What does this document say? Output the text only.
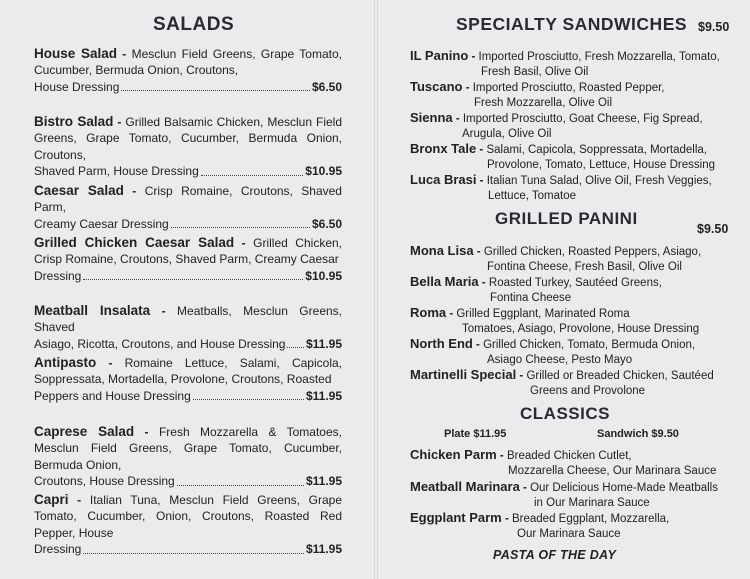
SALADS
House Salad - Mesclun Field Greens, Grape Tomato, Cucumber, Bermuda Onion, Croutons,
House Dressing	$6.50
Bistro Salad - Grilled Balsamic Chicken, Mesclun Field Greens, Grape Tomato, Cucumber, Bermuda Onion, Croutons,
Shaved Parm, House Dressing	$10.95
Caesar Salad - Crisp Romaine, Croutons, Shaved Parm,
Creamy Caesar Dressing	$6.50
Grilled Chicken Caesar Salad - Grilled Chicken, Crisp Romaine, Croutons, Shaved Parm, Creamy Caesar
Dressing	$10.95
Meatball Insalata - Meatballs, Mesclun Greens, Shaved
Asiago, Ricotta, Croutons, and House Dressing $11.95
Antipasto - Romaine Lettuce, Salami, Capicola, Soppressata, Mortadella, Provolone, Croutons, Roasted
Peppers and House Dressing	$11.95
Caprese Salad - Fresh Mozzarella & Tomatoes, Mesclun Field Greens, Grape Tomato, Cucumber, Bermuda Onion,
Croutons, House Dressing	$11.95
Capri - Italian Tuna, Mesclun Field Greens, Grape Tomato, Cucumber, Onion, Croutons, Roasted Red Pepper, House
Dressing	$11.95
SPECIALTY SANDWICHES $9.50
IL Panino - Imported Prosciutto, Fresh Mozzarella, Tomato,
Fresh Basil, Olive Oil
Tuscano - Imported Prosciutto, Roasted Pepper,
Fresh Mozzarella, Olive Oil
Sienna - Imported Prosciutto, Goat Cheese, Fig Spread,
Arugula, Olive Oil
Bronx Tale - Salami, Capicola, Soppressata, Mortadella,
Provolone, Tomato, Lettuce, House Dressing
Luca Brasi - Italian Tuna Salad, Olive Oil, Fresh Veggies,
Lettuce, Tomatoe
GRILLED PANINI
$9.50
Mona Lisa - Grilled Chicken, Roasted Peppers, Asiago,
Fontina Cheese, Fresh Basil, Olive Oil
Bella Maria - Roasted Turkey, Sautéed Greens,
Fontina Cheese
Roma - Grilled Eggplant, Marinated Roma
Tomatoes, Asiago, Provolone, House Dressing
North End - Grilled Chicken, Tomato, Bermuda Onion,
Asiago Cheese, Pesto Mayo
Martinelli Special - Grilled or Breaded Chicken, Sautéed
Greens and Provolone
CLASSICS
Plate $11.95	Sandwich $9.50
Chicken Parm - Breaded Chicken Cutlet,
Mozzarella Cheese, Our Marinara Sauce
Meatball Marinara - Our Delicious Home-Made Meatballs
in Our Marinara Sauce
Eggplant Parm - Breaded Eggplant, Mozzarella,
Our Marinara Sauce
PASTA OF THE DAY
